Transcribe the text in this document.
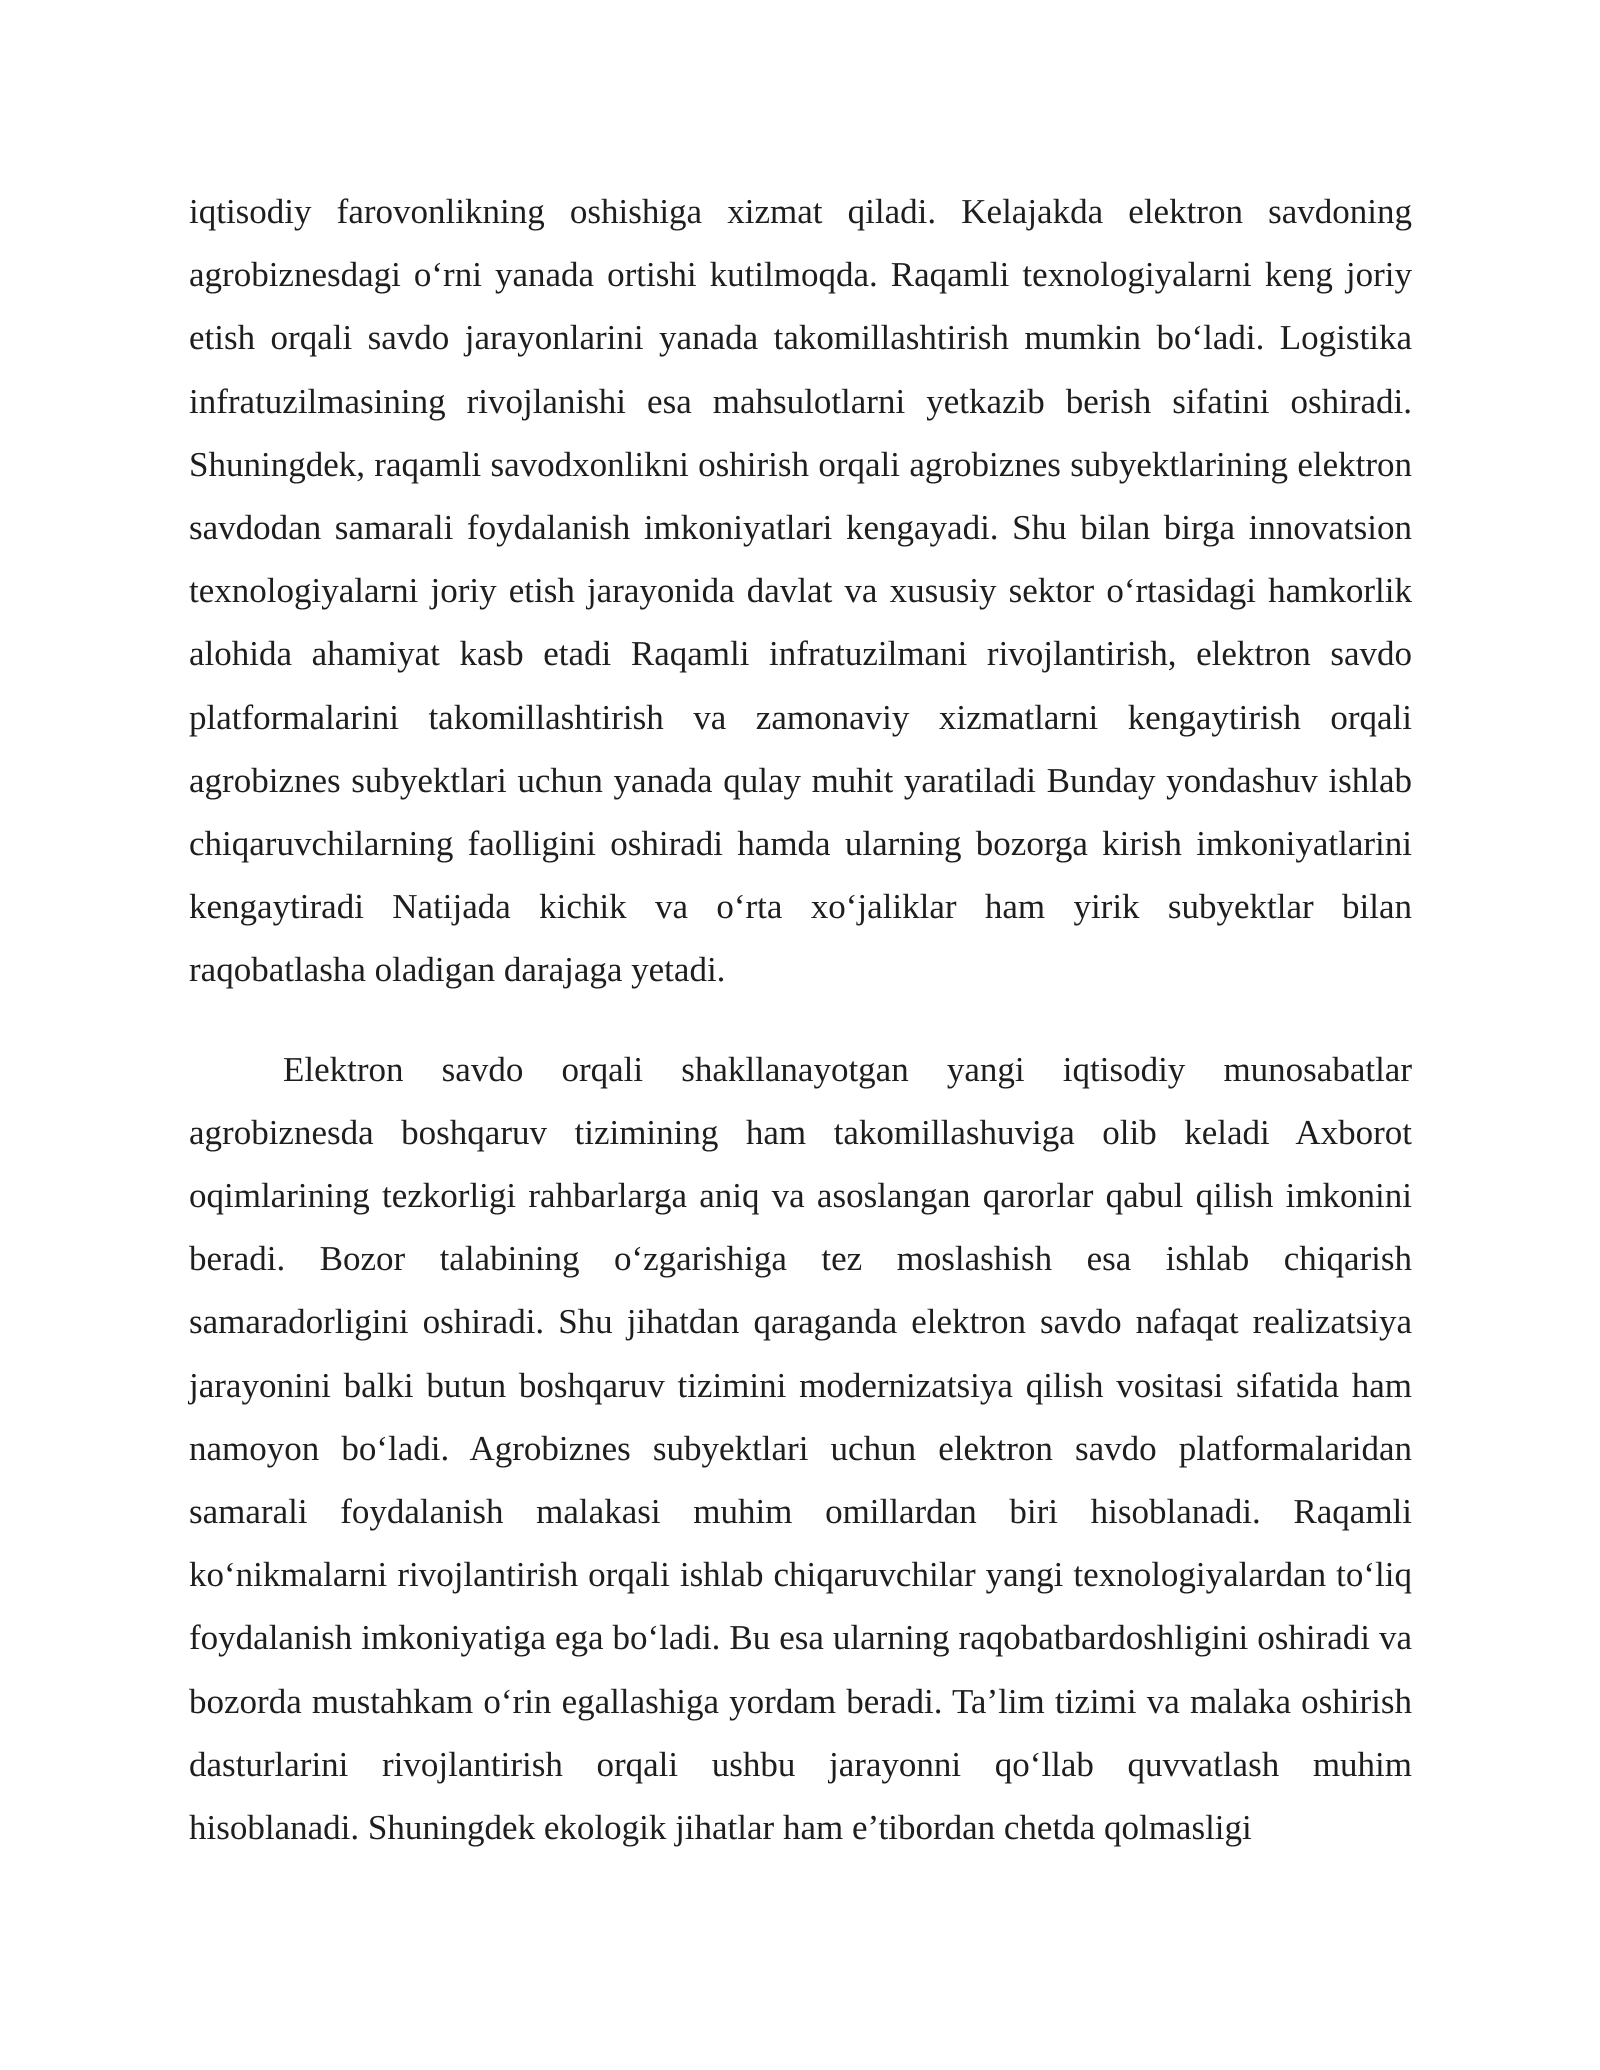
iqtisodiy farovonlikning oshishiga xizmat qiladi. Kelajakda elektron savdoning agrobiznesdagi o‘rni yanada ortishi kutilmoqda. Raqamli texnologiyalarni keng joriy etish orqali savdo jarayonlarini yanada takomillashtirish mumkin bo‘ladi. Logistika infratuzilmasining rivojlanishi esa mahsulotlarni yetkazib berish sifatini oshiradi. Shuningdek, raqamli savodxonlikni oshirish orqali agrobiznes subyektlarining elektron savdodan samarali foydalanish imkoniyatlari kengayadi. Shu bilan birga innovatsion texnologiyalarni joriy etish jarayonida davlat va xususiy sektor o‘rtasidagi hamkorlik alohida ahamiyat kasb etadi Raqamli infratuzilmani rivojlantirish, elektron savdo platformalarini takomillashtirish va zamonaviy xizmatlarni kengaytirish orqali agrobiznes subyektlari uchun yanada qulay muhit yaratiladi Bunday yondashuv ishlab chiqaruvchilarning faolligini oshiradi hamda ularning bozorga kirish imkoniyatlarini kengaytiradi Natijada kichik va o‘rta xo‘jaliklar ham yirik subyektlar bilan raqobatlasha oladigan darajaga yetadi.

Elektron savdo orqali shakllanayotgan yangi iqtisodiy munosabatlar agrobiznesda boshqaruv tizimining ham takomillashuviga olib keladi Axborot oqimlarining tezkorligi rahbarlarga aniq va asoslangan qarorlar qabul qilish imkonini beradi. Bozor talabining o‘zgarishiga tez moslashish esa ishlab chiqarish samaradorligini oshiradi. Shu jihatdan qaraganda elektron savdo nafaqat realizatsiya jarayonini balki butun boshqaruv tizimini modernizatsiya qilish vositasi sifatida ham namoyon bo‘ladi. Agrobiznes subyektlari uchun elektron savdo platformalaridan samarali foydalanish malakasi muhim omillardan biri hisoblanadi. Raqamli ko‘nikmalarni rivojlantirish orqali ishlab chiqaruvchilar yangi texnologiyalardan to‘liq foydalanish imkoniyatiga ega bo‘ladi. Bu esa ularning raqobatbardoshligini oshiradi va bozorda mustahkam o‘rin egallashiga yordam beradi. Ta’lim tizimi va malaka oshirish dasturlarini rivojlantirish orqali ushbu jarayonni qo‘llab quvvatlash muhim hisoblanadi. Shuningdek ekologik jihatlar ham e’tibordan chetda qolmasligi
